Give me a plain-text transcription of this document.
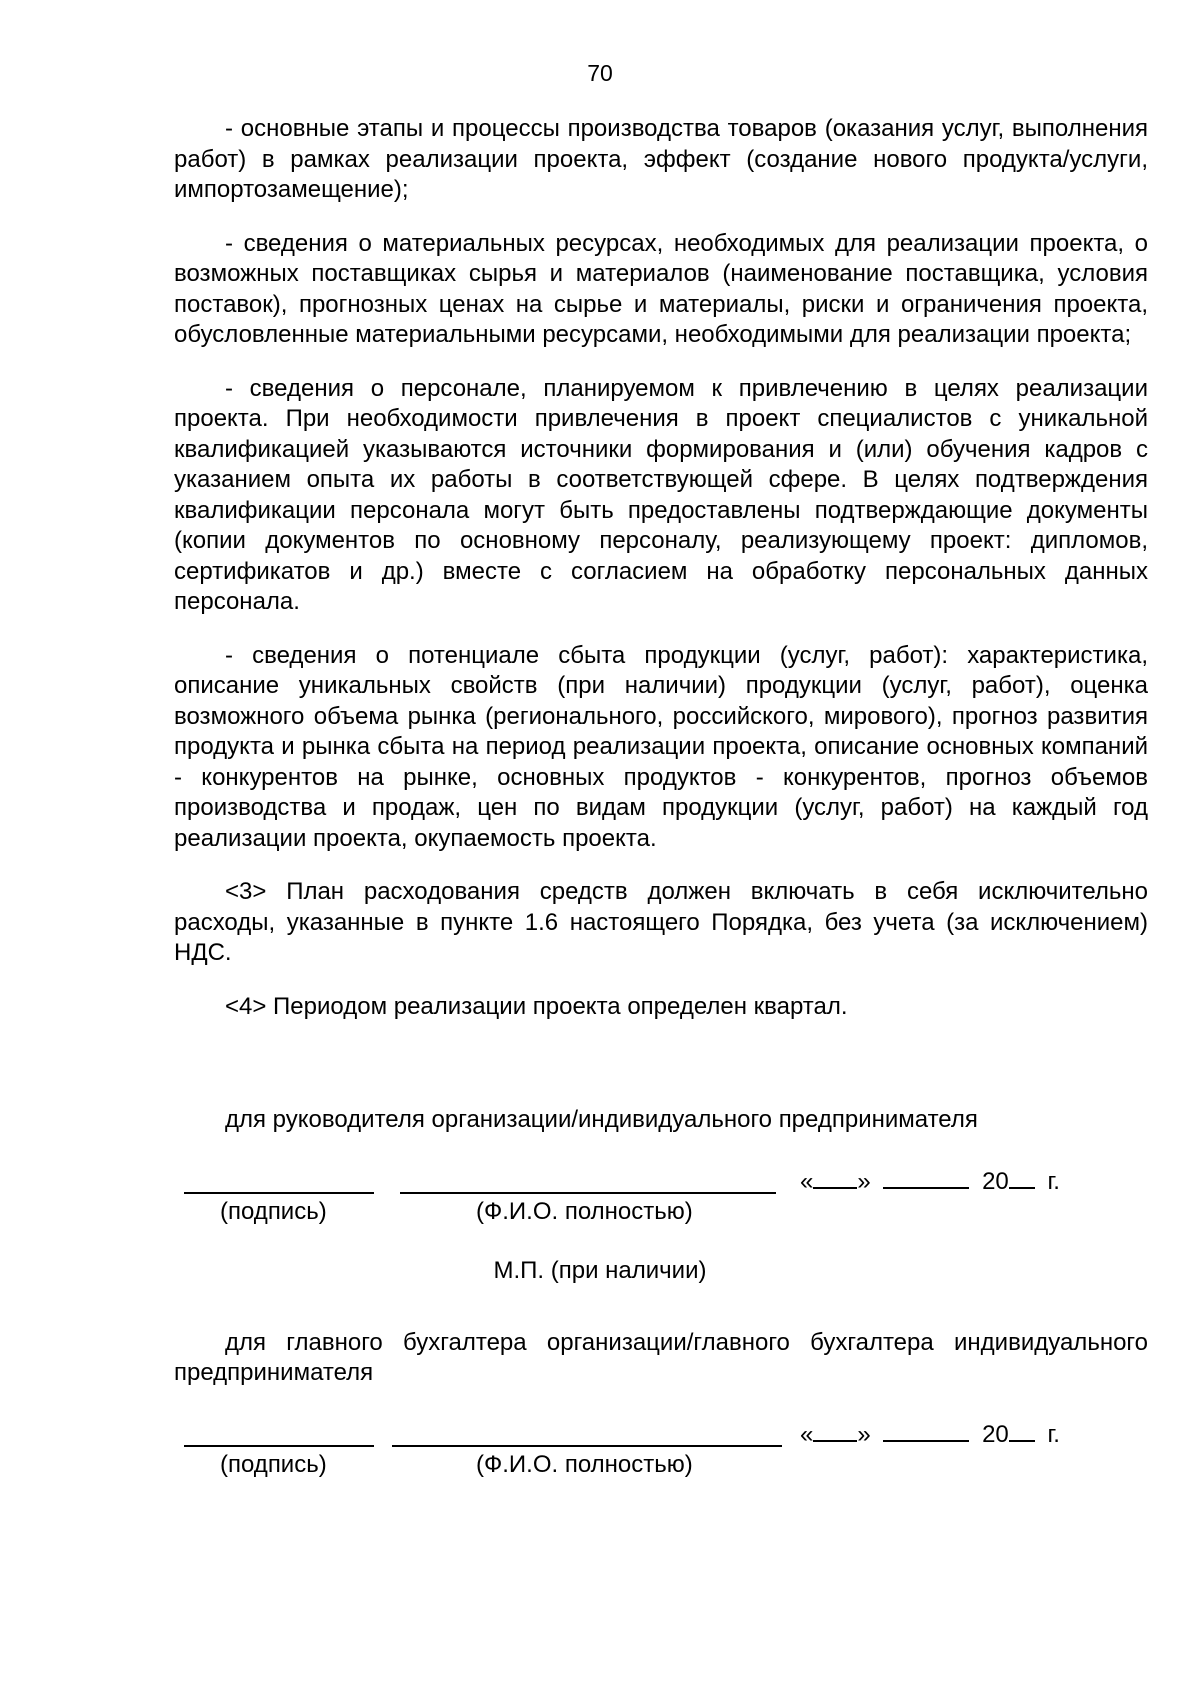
70

- основные этапы и процессы производства товаров (оказания услуг, выполнения работ) в рамках реализации проекта, эффект (создание нового продукта/услуги, импортозамещение);

- сведения о материальных ресурсах, необходимых для реализации проекта, о возможных поставщиках сырья и материалов (наименование поставщика, условия поставок), прогнозных ценах на сырье и материалы, риски и ограничения проекта, обусловленные материальными ресурсами, необходимыми для реализации проекта;

- сведения о персонале, планируемом к привлечению в целях реализации проекта. При необходимости привлечения в проект специалистов с уникальной квалификацией указываются источники формирования и (или) обучения кадров с указанием опыта их работы в соответствующей сфере. В целях подтверждения квалификации персонала могут быть предоставлены подтверждающие документы (копии документов по основному персоналу, реализующему проект: дипломов, сертификатов и др.) вместе с согласием на обработку персональных данных персонала.

- сведения о потенциале сбыта продукции (услуг, работ): характеристика, описание уникальных свойств (при наличии) продукции (услуг, работ), оценка возможного объема рынка (регионального, российского, мирового), прогноз развития продукта и рынка сбыта на период реализации проекта, описание основных компаний - конкурентов на рынке, основных продуктов - конкурентов, прогноз объемов производства и продаж, цен по видам продукции (услуг, работ) на каждый год реализации проекта, окупаемость проекта.

<3> План расходования средств должен включать в себя исключительно расходы, указанные в пункте 1.6 настоящего Порядка, без учета (за исключением) НДС.

<4> Периодом реализации проекта определен квартал.

для руководителя организации/индивидуального предпринимателя

« »	20 г.
(подпись)	(Ф.И.О. полностью)
М.П. (при наличии)

для главного бухгалтера организации/главного бухгалтера индивидуального предпринимателя

« »	20 г.
(подпись)	(Ф.И.О. полностью)
